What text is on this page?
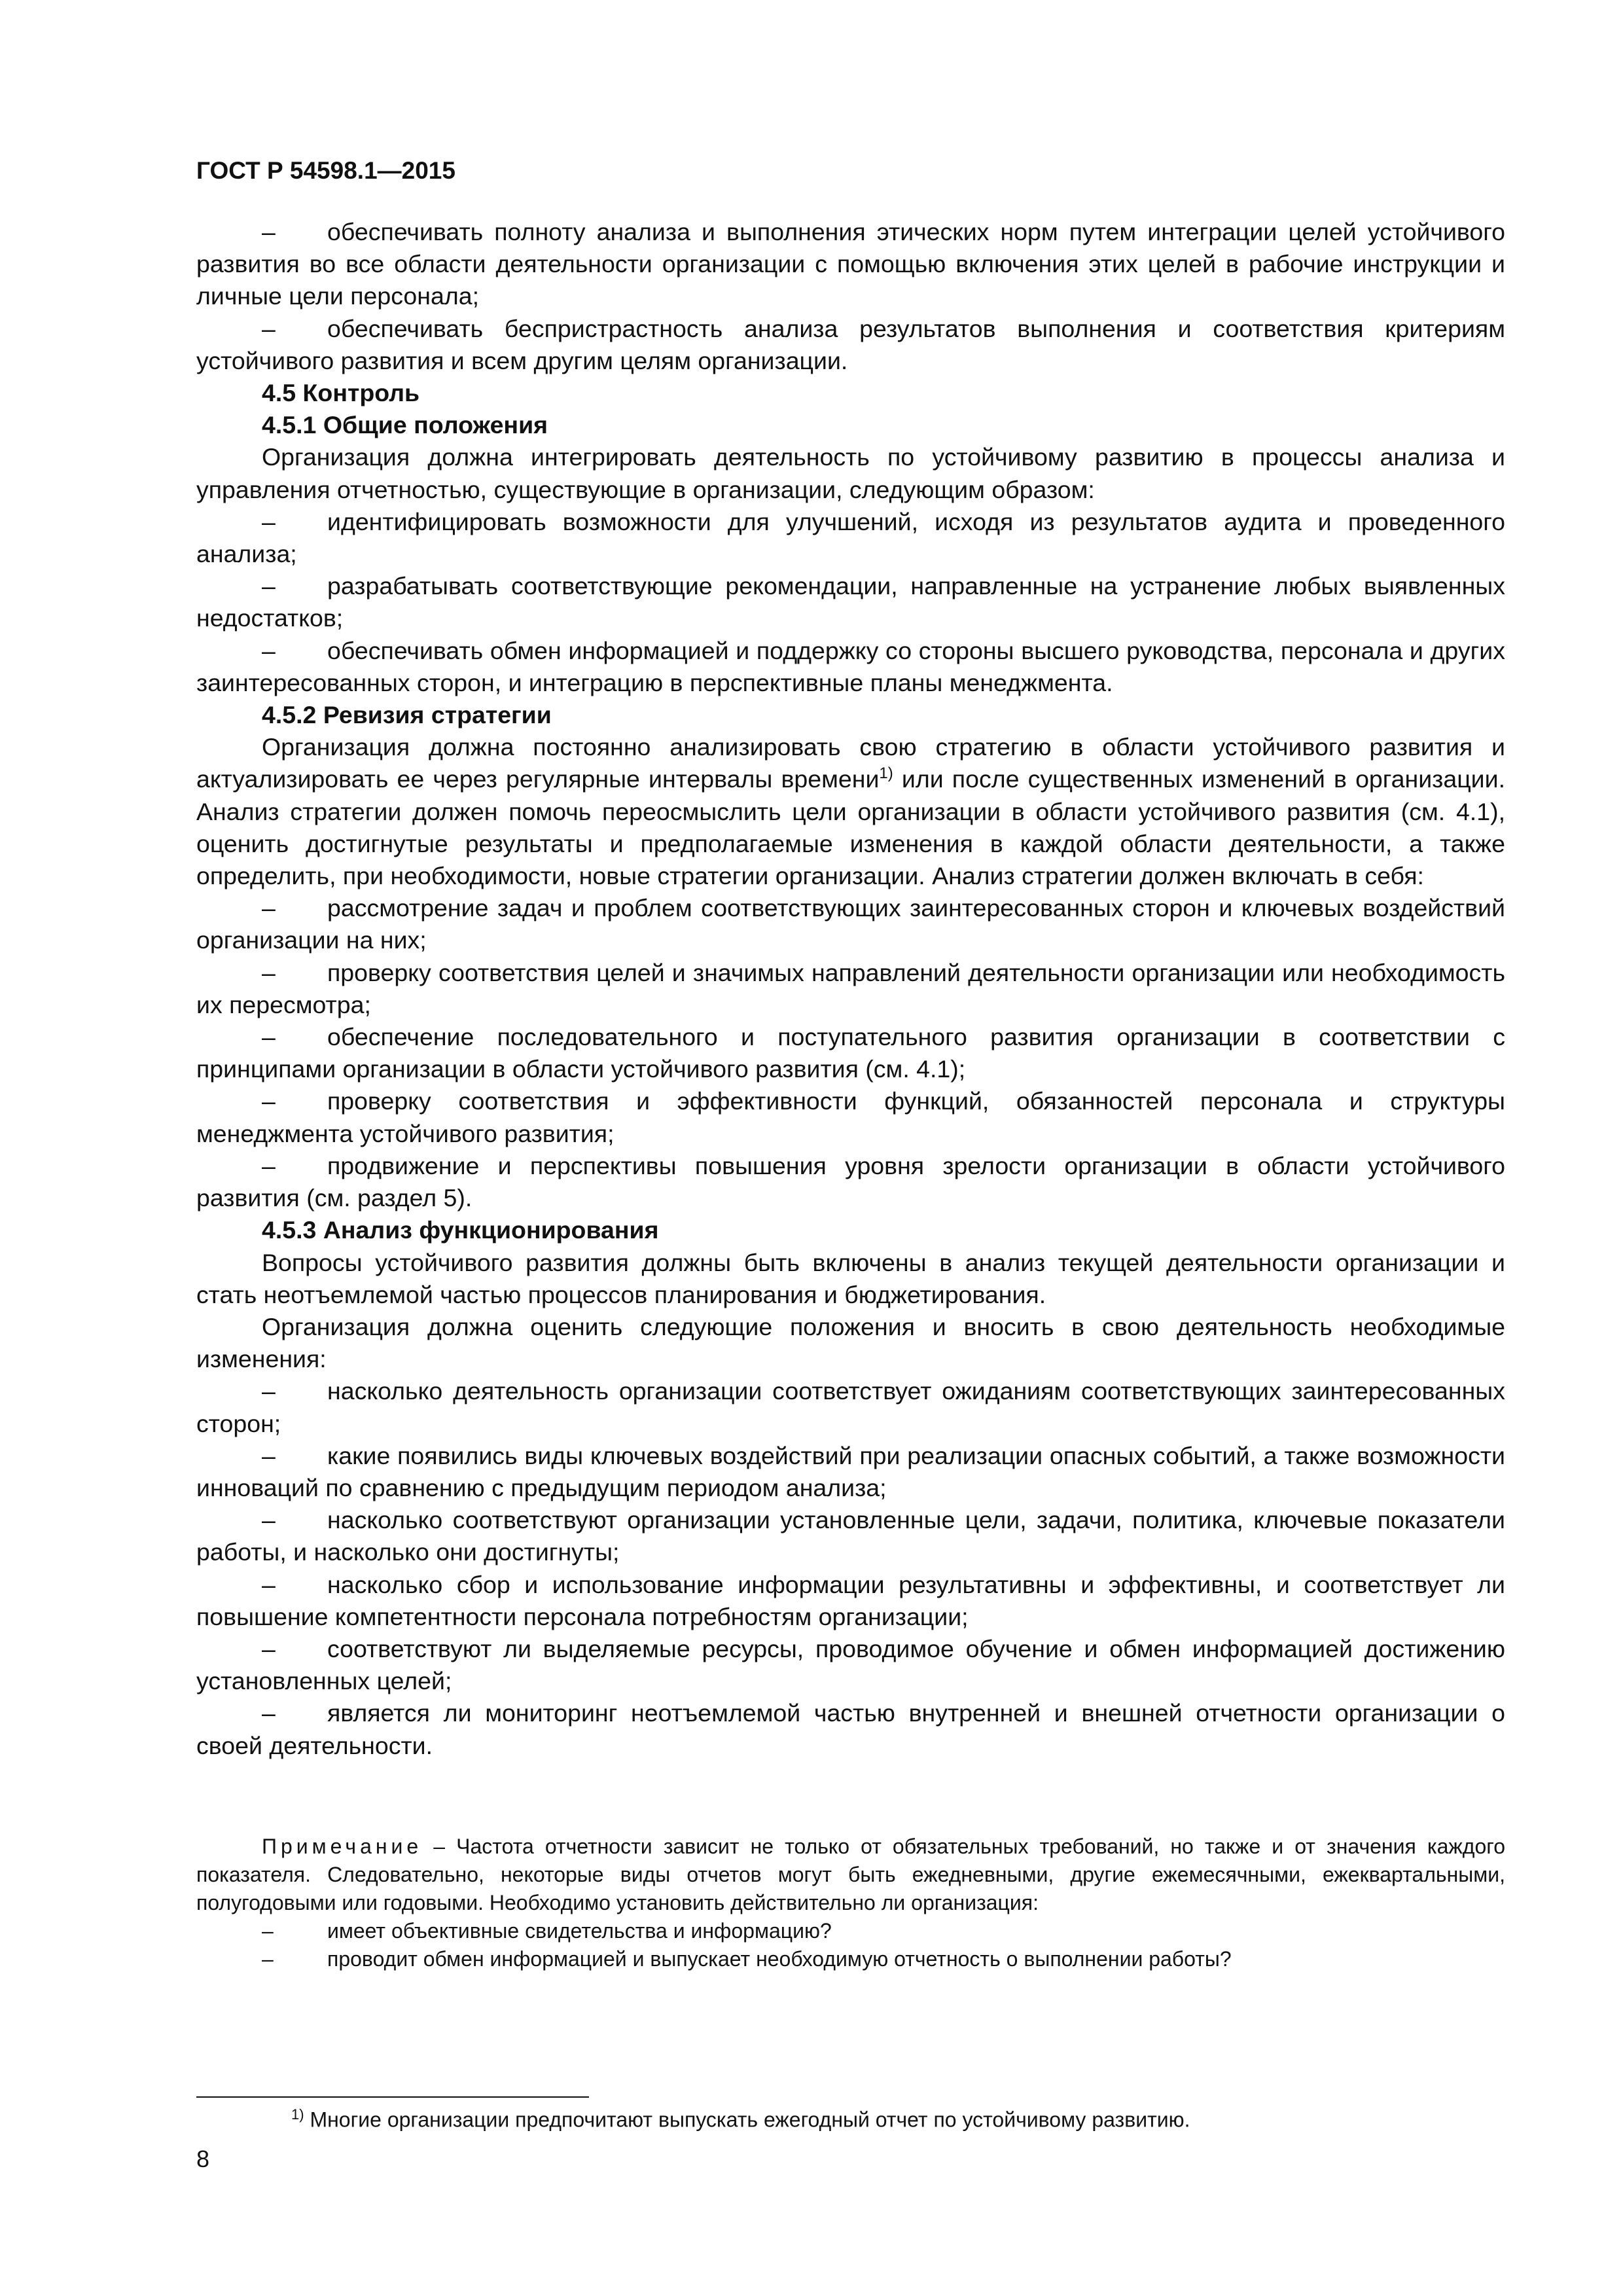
ГОСТ Р 54598.1—2015

– обеспечивать полноту анализа и выполнения этических норм путем интеграции целей устойчивого развития во все области деятельности организации с помощью включения этих целей в рабочие инструкции и личные цели персонала;

– обеспечивать беспристрастность анализа результатов выполнения и соответствия критериям устойчивого развития и всем другим целям организации.

4.5 Контроль

4.5.1 Общие положения

Организация должна интегрировать деятельность по устойчивому развитию в процессы анализа и управления отчетностью, существующие в организации, следующим образом:

– идентифицировать возможности для улучшений, исходя из результатов аудита и проведенного анализа;

– разрабатывать соответствующие рекомендации, направленные на устранение любых выявленных недостатков;

– обеспечивать обмен информацией и поддержку со стороны высшего руководства, персонала и других заинтересованных сторон, и интеграцию в перспективные планы менеджмента.

4.5.2 Ревизия стратегии

Организация должна постоянно анализировать свою стратегию в области устойчивого развития и актуализировать ее через регулярные интервалы времени$^{1)}$ или после существенных изменений в организации. Анализ стратегии должен помочь переосмыслить цели организации в области устойчивого развития (см. 4.1), оценить достигнутые результаты и предполагаемые изменения в каждой области деятельности, а также определить, при необходимости, новые стратегии организации. Анализ стратегии должен включать в себя:

– рассмотрение задач и проблем соответствующих заинтересованных сторон и ключевых воздействий организации на них;

– проверку соответствия целей и значимых направлений деятельности организации или необходимость их пересмотра;

– обеспечение последовательного и поступательного развития организации в соответствии с принципами организации в области устойчивого развития (см. 4.1);

– проверку соответствия и эффективности функций, обязанностей персонала и структуры менеджмента устойчивого развития;

– продвижение и перспективы повышения уровня зрелости организации в области устойчивого развития (см. раздел 5).

4.5.3 Анализ функционирования

Вопросы устойчивого развития должны быть включены в анализ текущей деятельности организации и стать неотъемлемой частью процессов планирования и бюджетирования.

Организация должна оценить следующие положения и вносить в свою деятельность необходимые изменения:

– насколько деятельность организации соответствует ожиданиям соответствующих заинтересованных сторон;

– какие появились виды ключевых воздействий при реализации опасных событий, а также возможности инноваций по сравнению с предыдущим периодом анализа;

– насколько соответствуют организации установленные цели, задачи, политика, ключевые показатели работы, и насколько они достигнуты;

– насколько сбор и использование информации результативны и эффективны, и соответствует ли повышение компетентности персонала потребностям организации;

– соответствуют ли выделяемые ресурсы, проводимое обучение и обмен информацией достижению установленных целей;

– является ли мониторинг неотъемлемой частью внутренней и внешней отчетности организации о своей деятельности.

Примечание – Частота отчетности зависит не только от обязательных требований, но также и от значения каждого показателя. Следовательно, некоторые виды отчетов могут быть ежедневными, другие ежемесячными, ежеквартальными, полугодовыми или годовыми. Необходимо установить действительно ли организация:

–	имеет объективные свидетельства и информацию?

–	проводит обмен информацией и выпускает необходимую отчетность о выполнении работы?

$^{1)}$ Многие организации предпочитают выпускать ежегодный отчет по устойчивому развитию.
8
